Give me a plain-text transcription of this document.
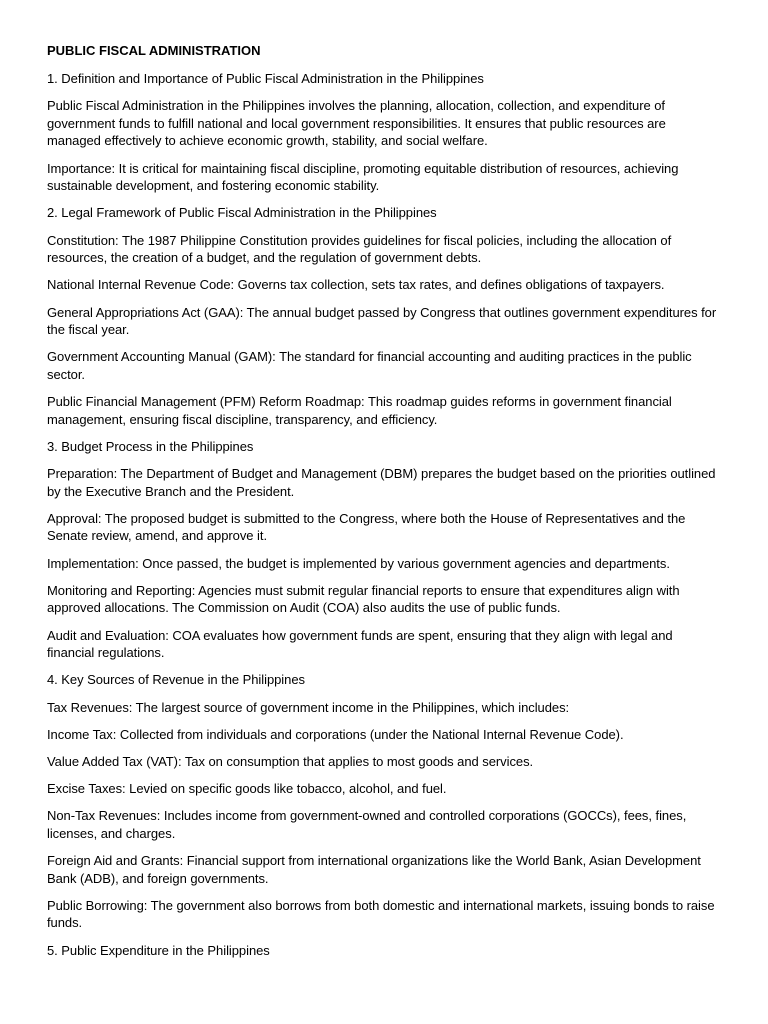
PUBLIC FISCAL ADMINISTRATION

1. Definition and Importance of Public Fiscal Administration in the Philippines

Public Fiscal Administration in the Philippines involves the planning, allocation, collection, and expenditure of government funds to fulfill national and local government responsibilities. It ensures that public resources are managed effectively to achieve economic growth, stability, and social welfare.

Importance: It is critical for maintaining fiscal discipline, promoting equitable distribution of resources, achieving sustainable development, and fostering economic stability.

2. Legal Framework of Public Fiscal Administration in the Philippines

Constitution: The 1987 Philippine Constitution provides guidelines for fiscal policies, including the allocation of resources, the creation of a budget, and the regulation of government debts.

National Internal Revenue Code: Governs tax collection, sets tax rates, and defines obligations of taxpayers.

General Appropriations Act (GAA): The annual budget passed by Congress that outlines government expenditures for the fiscal year.

Government Accounting Manual (GAM): The standard for financial accounting and auditing practices in the public sector.

Public Financial Management (PFM) Reform Roadmap: This roadmap guides reforms in government financial management, ensuring fiscal discipline, transparency, and efficiency.

3. Budget Process in the Philippines

Preparation: The Department of Budget and Management (DBM) prepares the budget based on the priorities outlined by the Executive Branch and the President.

Approval: The proposed budget is submitted to the Congress, where both the House of Representatives and the Senate review, amend, and approve it.

Implementation: Once passed, the budget is implemented by various government agencies and departments.

Monitoring and Reporting: Agencies must submit regular financial reports to ensure that expenditures align with approved allocations. The Commission on Audit (COA) also audits the use of public funds.

Audit and Evaluation: COA evaluates how government funds are spent, ensuring that they align with legal and financial regulations.

4. Key Sources of Revenue in the Philippines

Tax Revenues: The largest source of government income in the Philippines, which includes:

Income Tax: Collected from individuals and corporations (under the National Internal Revenue Code).

Value Added Tax (VAT): Tax on consumption that applies to most goods and services.

Excise Taxes: Levied on specific goods like tobacco, alcohol, and fuel.

Non-Tax Revenues: Includes income from government-owned and controlled corporations (GOCCs), fees, fines, licenses, and charges.

Foreign Aid and Grants: Financial support from international organizations like the World Bank, Asian Development Bank (ADB), and foreign governments.

Public Borrowing: The government also borrows from both domestic and international markets, issuing bonds to raise funds.

5. Public Expenditure in the Philippines
